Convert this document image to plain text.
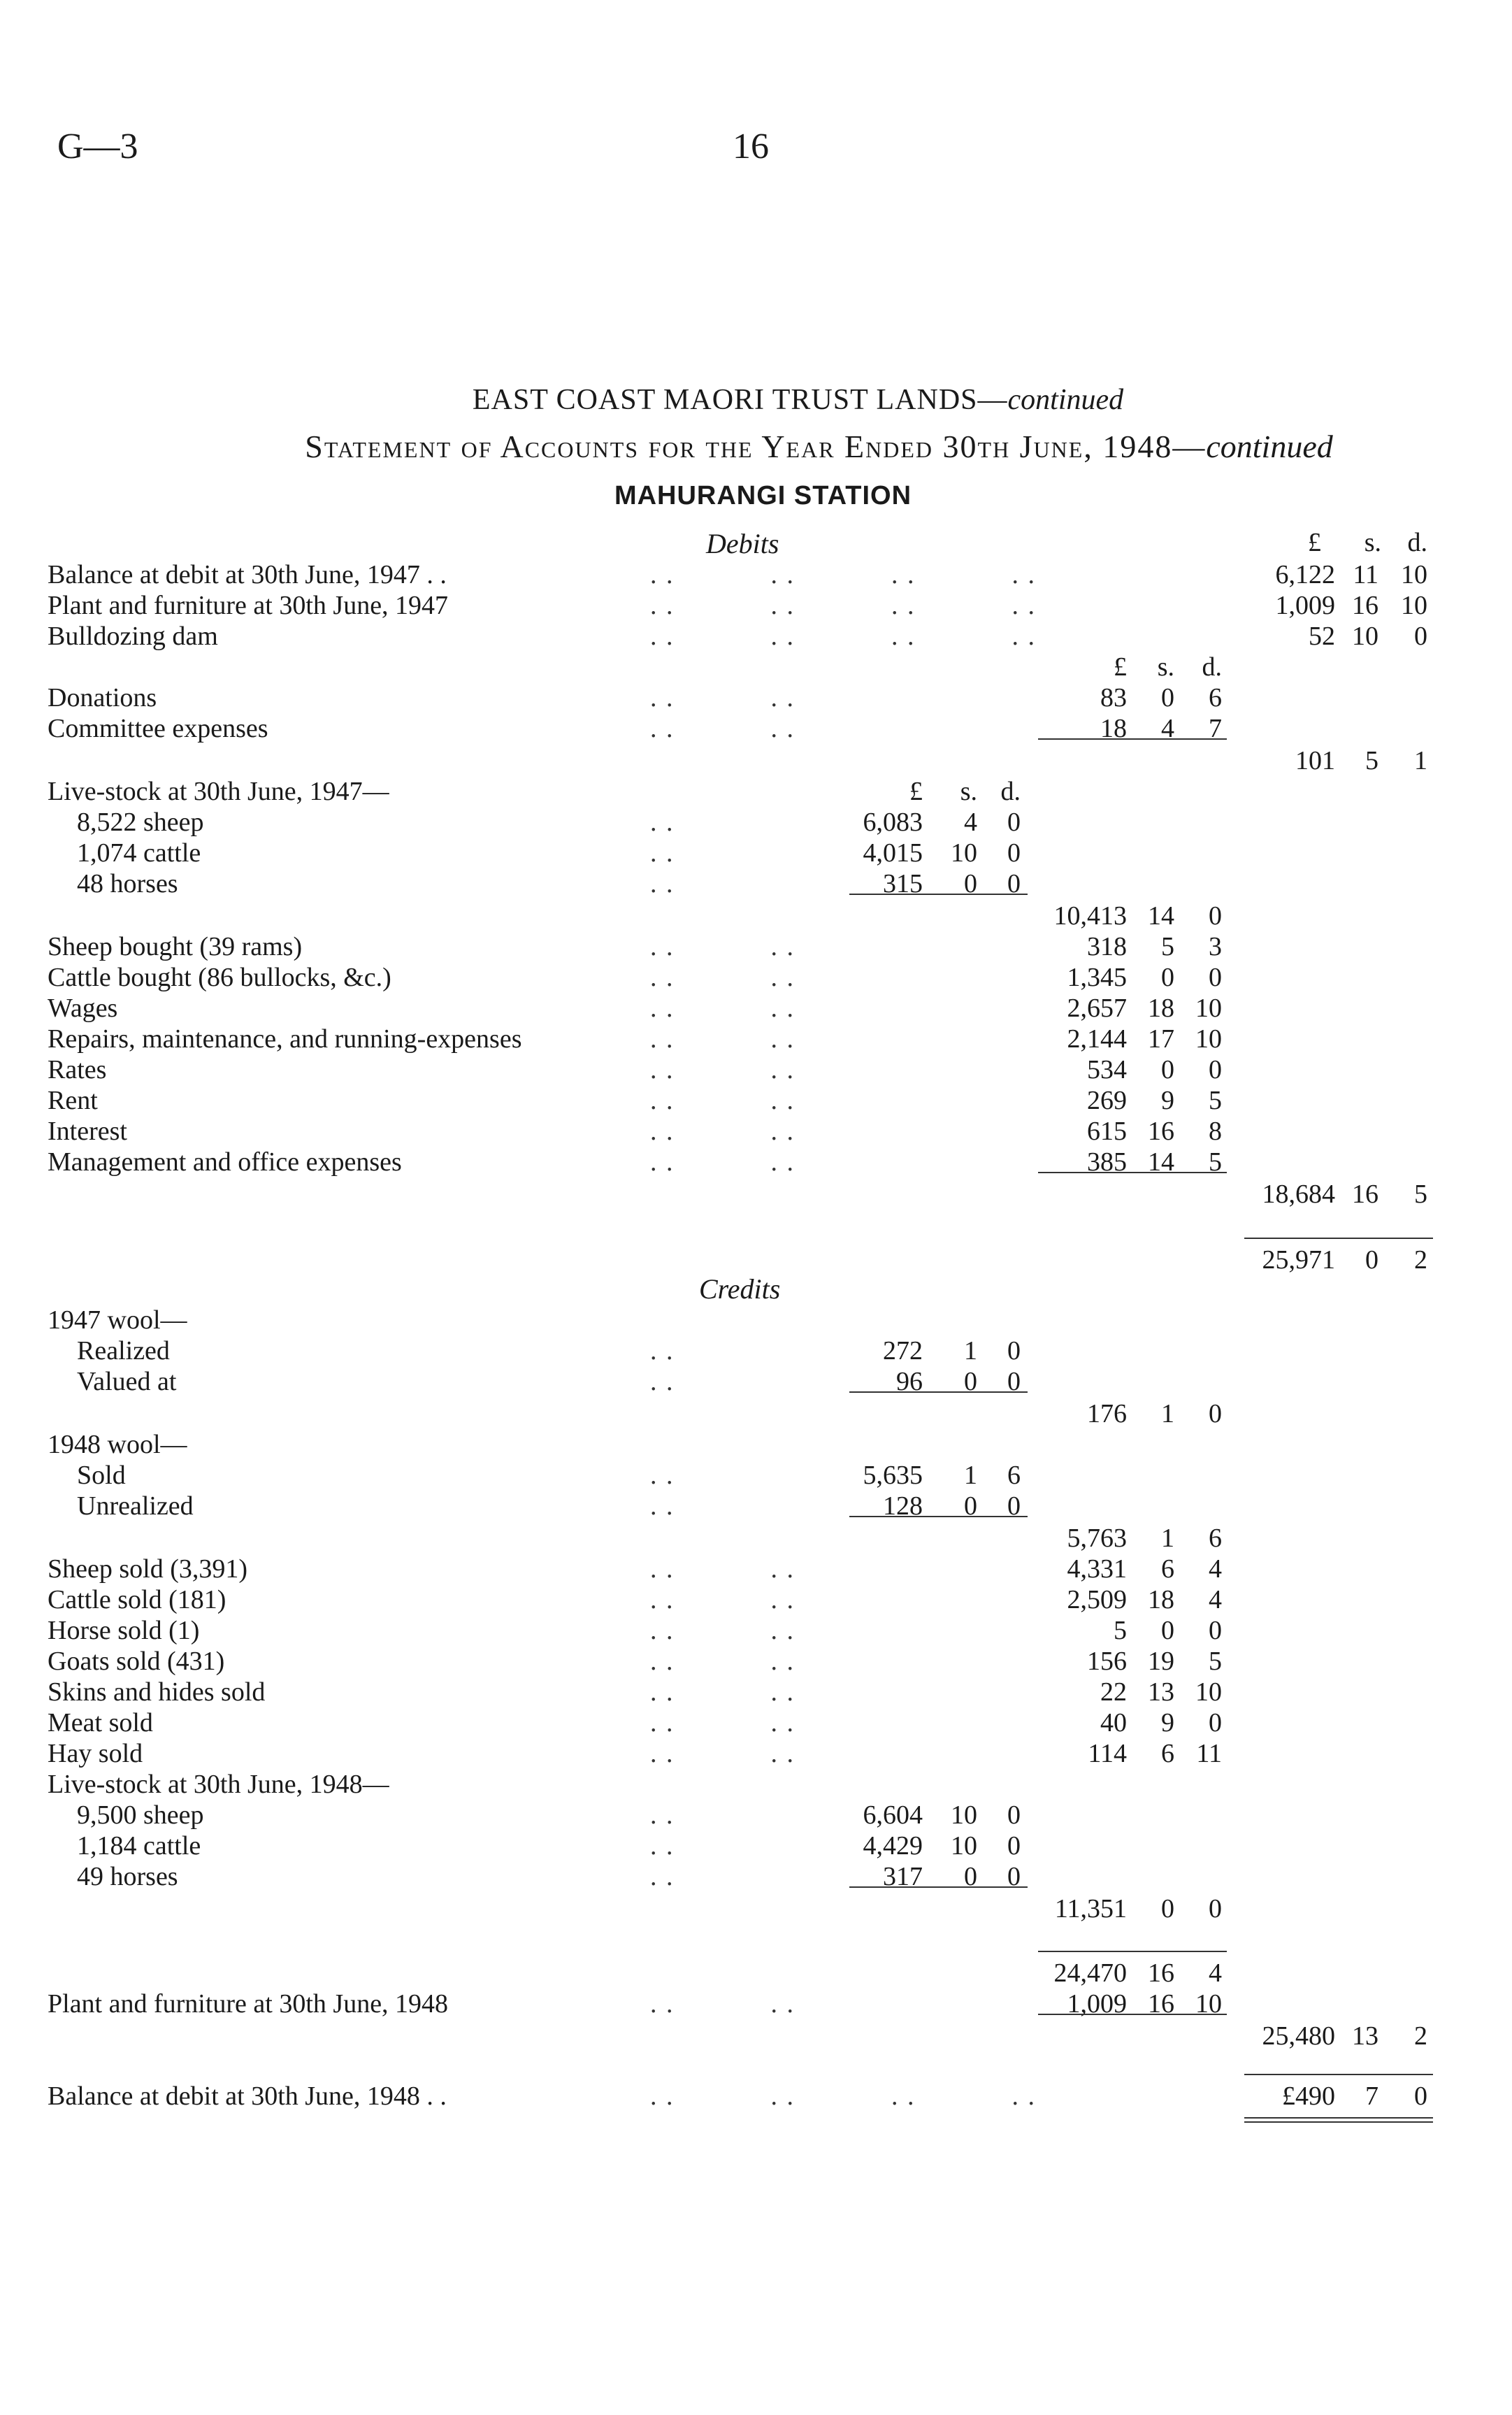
G—3	16
EAST COAST MAORI TRUST LANDS—continued
Statement of Accounts for the Year Ended 30th June, 1948—continued
MAHURANGI STATION
Debits
Credits
£	s. d.
Balance at debit at 30th June, 1947 . .	. .            . .            . .            . .	6,122 11 10
Plant and furniture at 30th June, 1947	. .            . .            . .            . .	1,009 16 10
Bulldozing dam	. .            . .            . .            . .	52 10	0
£	s.	d.
Donations	. .            . .	83	0	6
Committee expenses	. .            . .	18	4	7
101	5	1
Live-stock at 30th June, 1947—	£	s. d.
8,522 sheep	. .	6,083	4	0
1,074 cattle	. .	4,015	10	0
48 horses	. .	315	0	0
10,413 14	0
Sheep bought (39 rams)	. .            . .	318	5	3
Cattle bought (86 bullocks, &c.)	. .            . .	1,345	0	0
Wages	. .            . .	2,657 18 10
Repairs, maintenance, and running-expenses	. .            . .	2,144 17 10
Rates	. .            . .	534	0	0
Rent	. .            . .	269	9	5
Interest	. .            . .	615 16	8
Management and office expenses	. .            . .	385 14	5
18,684 16	5
25,971	0	2
1947 wool—
Realized	. .	272	1	0
Valued at	. .	96	0	0
176	1	0
1948 wool—
Sold	. .	5,635	1	6
Unrealized	. .	128	0	0
5,763	1	6
Sheep sold (3,391)	. .            . .	4,331	6	4
Cattle sold (181)	. .            . .	2,509 18	4
Horse sold (1)	. .            . .	5	0	0
Goats sold (431)	. .            . .	156 19	5
Skins and hides sold	. .            . .	22 13 10
Meat sold	. .            . .	40	9	0
Hay sold	. .            . .	114	6 11
Live-stock at 30th June, 1948—
9,500 sheep	. .	6,604	10	0
1,184 cattle	. .	4,429	10	0
49 horses	. .	317	0	0
11,351	0	0
24,470 16	4
Plant and furniture at 30th June, 1948	. .            . .	1,009 16 10
25,480 13	2
Balance at debit at 30th June, 1948 . .	. .            . .            . .            . .	£490	7	0
